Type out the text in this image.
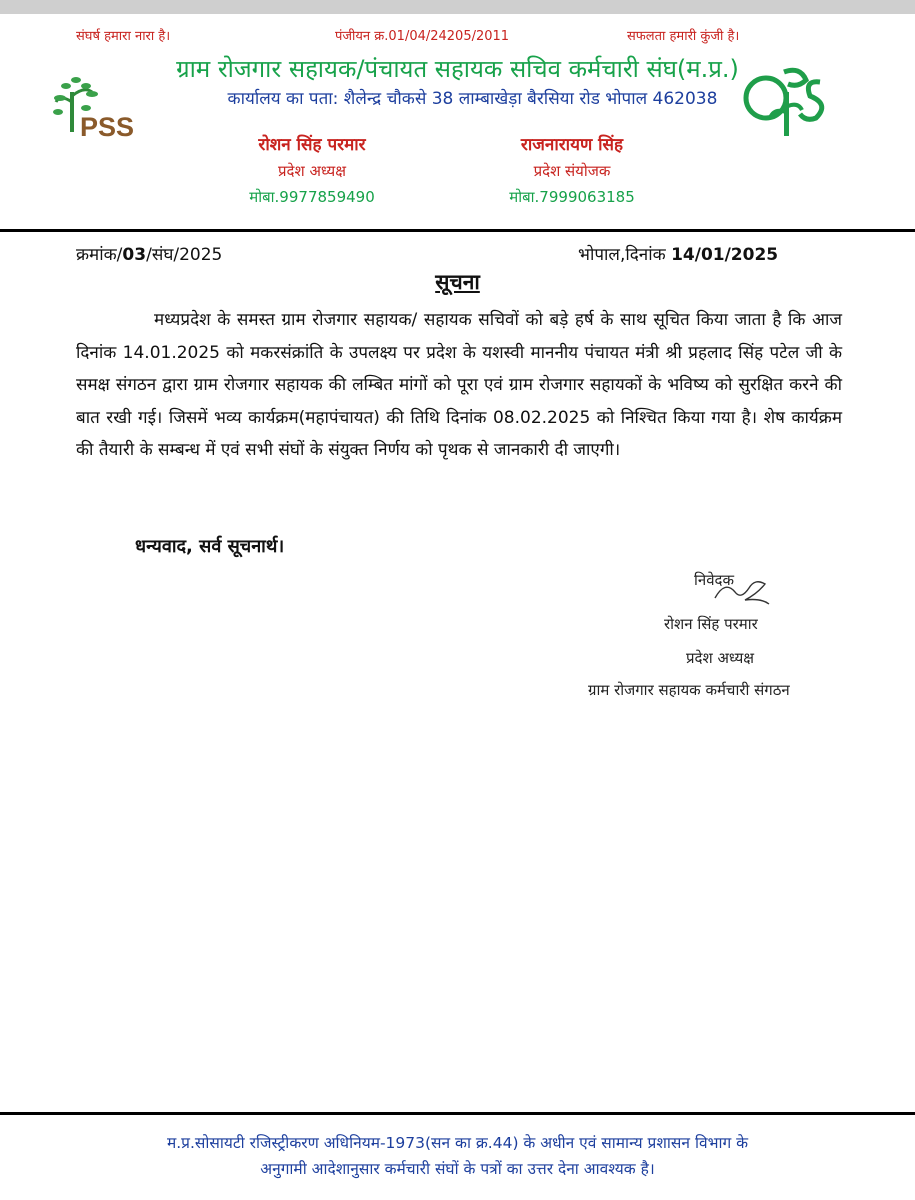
संघर्ष हमारा नारा है।	पंजीयन क्र.01/04/24205/2011	सफलता हमारी कुंजी है।
ग्राम रोजगार सहायक/पंचायत सहायक सचिव कर्मचारी संघ(म.प्र.)
कार्यालय का पता: शैलेन्द्र चौकसे 38 लाम्बाखेड़ा बैरसिया रोड भोपाल 462038
PSS
रोशन सिंह परमार
प्रदेश अध्यक्ष
मोबा.9977859490
राजनारायण सिंह
प्रदेश संयोजक
मोबा.7999063185
क्रमांक/03/संघ/2025	भोपाल,दिनांक 14/01/2025
सूचना

मध्यप्रदेश के समस्त ग्राम रोजगार सहायक/ सहायक सचिवों को बड़े हर्ष के साथ सूचित किया जाता है कि आज दिनांक 14.01.2025 को मकरसंक्रांति के उपलक्ष्य पर प्रदेश के यशस्वी माननीय पंचायत मंत्री श्री प्रहलाद सिंह पटेल जी के समक्ष संगठन द्वारा ग्राम रोजगार सहायक की लम्बित मांगों को पूरा एवं ग्राम रोजगार सहायकों के भविष्य को सुरक्षित करने की बात रखी गई। जिसमें भव्य कार्यक्रम(महापंचायत) की तिथि दिनांक 08.02.2025 को निश्चित किया गया है। शेष कार्यक्रम की तैयारी के सम्बन्ध में एवं सभी संघों के संयुक्त निर्णय को पृथक से जानकारी दी जाएगी।

धन्यवाद, सर्व सूचनार्थ।
निवेदक
रोशन सिंह परमार
प्रदेश अध्यक्ष
ग्राम रोजगार सहायक कर्मचारी संगठन
म.प्र.सोसायटी रजिस्ट्रीकरण अधिनियम-1973(सन का क्र.44) के अधीन एवं सामान्य प्रशासन विभाग के
अनुगामी आदेशानुसार कर्मचारी संघों के पत्रों का उत्तर देना आवश्यक है।
